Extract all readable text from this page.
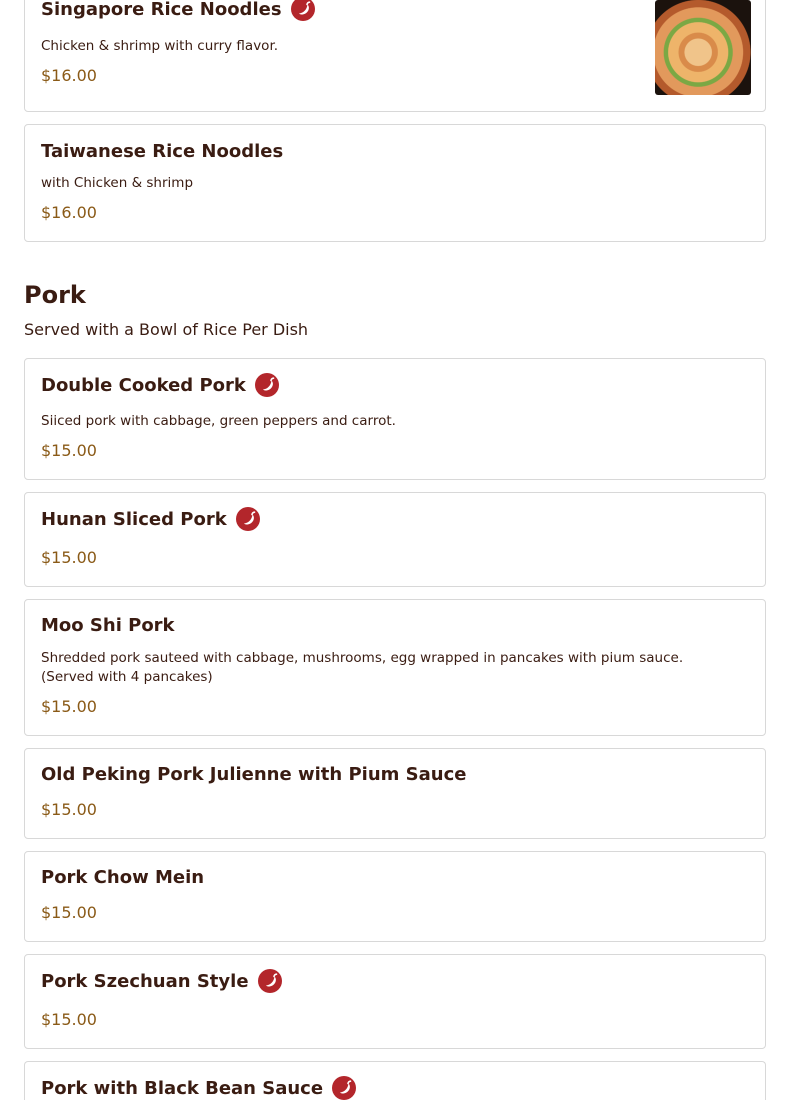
Singapore Rice Noodles
Chicken & shrimp with curry flavor.
$16.00
Taiwanese Rice Noodles
with Chicken & shrimp
$16.00
Pork
Served with a Bowl of Rice Per Dish
Double Cooked Pork
Siiced pork with cabbage, green peppers and carrot.
$15.00
Hunan Sliced Pork
$15.00
Moo Shi Pork
Shredded pork sauteed with cabbage, mushrooms, egg wrapped in pancakes with pium sauce. (Served with 4 pancakes)
$15.00
Old Peking Pork Julienne with Pium Sauce
$15.00
Pork Chow Mein
$15.00
Pork Szechuan Style
$15.00
Pork with Black Bean Sauce
